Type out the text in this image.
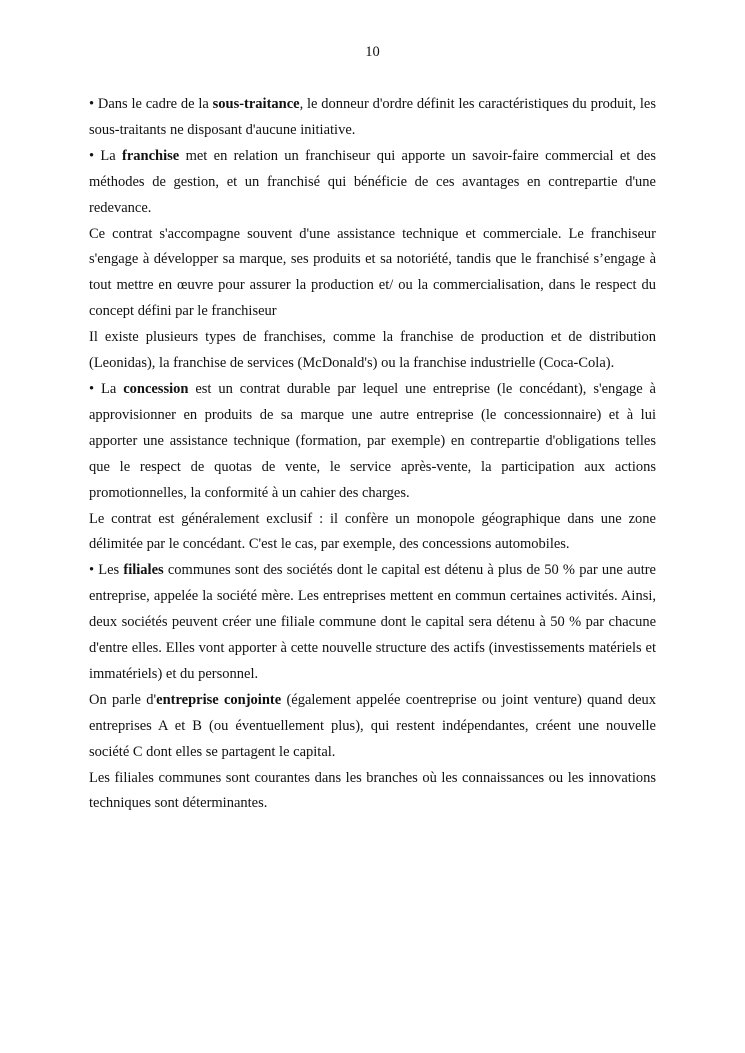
10

• Dans le cadre de la sous-traitance, le donneur d'ordre définit les caractéristiques du produit, les sous-traitants ne disposant d'aucune initiative.

• La franchise met en relation un franchiseur qui apporte un savoir-faire commercial et des méthodes de gestion, et un franchisé qui bénéficie de ces avantages en contrepartie d'une redevance.

Ce contrat s'accompagne souvent d'une assistance technique et commerciale. Le franchiseur s'engage à développer sa marque, ses produits et sa notoriété, tandis que le franchisé s’engage à tout mettre en œuvre pour assurer la production et/ ou la commercialisation, dans le respect du concept défini par le franchiseur

Il existe plusieurs types de franchises, comme la franchise de production et de distribution (Leonidas), la franchise de services (McDonald's) ou la franchise industrielle (Coca-Cola).

• La concession est un contrat durable par lequel une entreprise (le concédant), s'engage à approvisionner en produits de sa marque une autre entreprise (le concessionnaire) et à lui apporter une assistance technique (formation, par exemple) en contrepartie d'obligations telles que le respect de quotas de vente, le service après-vente, la participation aux actions promotionnelles, la conformité à un cahier des charges.

Le contrat est généralement exclusif : il confère un monopole géographique dans une zone délimitée par le concédant. C'est le cas, par exemple, des concessions automobiles.

• Les filiales communes sont des sociétés dont le capital est détenu à plus de 50 % par une autre entreprise, appelée la société mère. Les entreprises mettent en commun certaines activités. Ainsi, deux sociétés peuvent créer une filiale commune dont le capital sera détenu à 50 % par chacune d'entre elles. Elles vont apporter à cette nouvelle structure des actifs (investissements matériels et immatériels) et du personnel.

On parle d'entreprise conjointe (également appelée coentreprise ou joint venture) quand deux entreprises A et B (ou éventuellement plus), qui restent indépendantes, créent une nouvelle société C dont elles se partagent le capital.

Les filiales communes sont courantes dans les branches où les connaissances ou les innovations techniques sont déterminantes.
